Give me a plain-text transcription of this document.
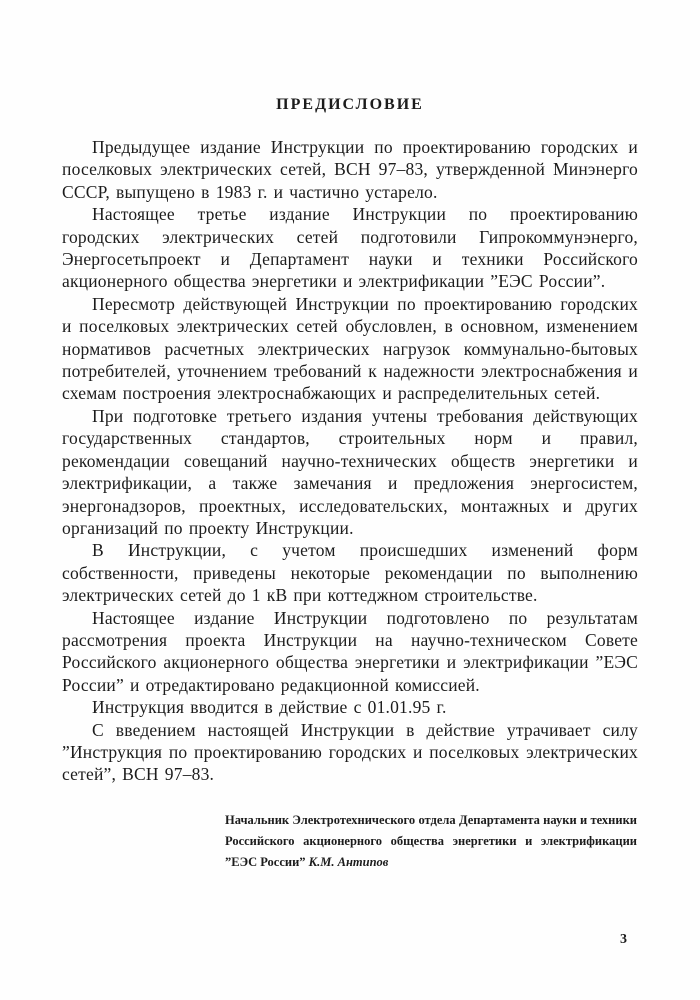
ПРЕДИСЛОВИЕ

Предыдущее издание Инструкции по проектированию городских и поселковых электрических сетей, ВСН 97–83, утвержденной Минэнерго СССР, выпущено в 1983 г. и частично устарело.

Настоящее третье издание Инструкции по проектированию городских электрических сетей подготовили Гипрокоммунэнерго, Энергосетьпроект и Департамент науки и техники Российского акционерного общества энергетики и электрификации ”ЕЭС России”.

Пересмотр действующей Инструкции по проектированию городских и поселковых электрических сетей обусловлен, в основном, изменением нормативов расчетных электрических нагрузок коммунально-бытовых потребителей, уточнением требований к надежности электроснабжения и схемам построения электроснабжающих и распределительных сетей.

При подготовке третьего издания учтены требования действующих государственных стандартов, строительных норм и правил, рекомендации совещаний научно-технических обществ энергетики и электрификации, а также замечания и предложения энергосистем, энергонадзоров, проектных, исследовательских, монтажных и других организаций по проекту Инструкции.

В Инструкции, с учетом происшедших изменений форм собственности, приведены некоторые рекомендации по выполнению электрических сетей до 1 кВ при коттеджном строительстве.

Настоящее издание Инструкции подготовлено по результатам рассмотрения проекта Инструкции на научно-техническом Совете Российского акционерного общества энергетики и электрификации ”ЕЭС России” и отредактировано редакционной комиссией.

Инструкция вводится в действие с 01.01.95 г.

С введением настоящей Инструкции в действие утрачивает силу ”Инструкция по проектированию городских и поселковых электрических сетей”, ВСН 97–83.

Начальник Электротехнического отдела Департамента науки и техники Российского акционерного общества энергетики и электрификации ”ЕЭС России” К.М. Антипов
3
